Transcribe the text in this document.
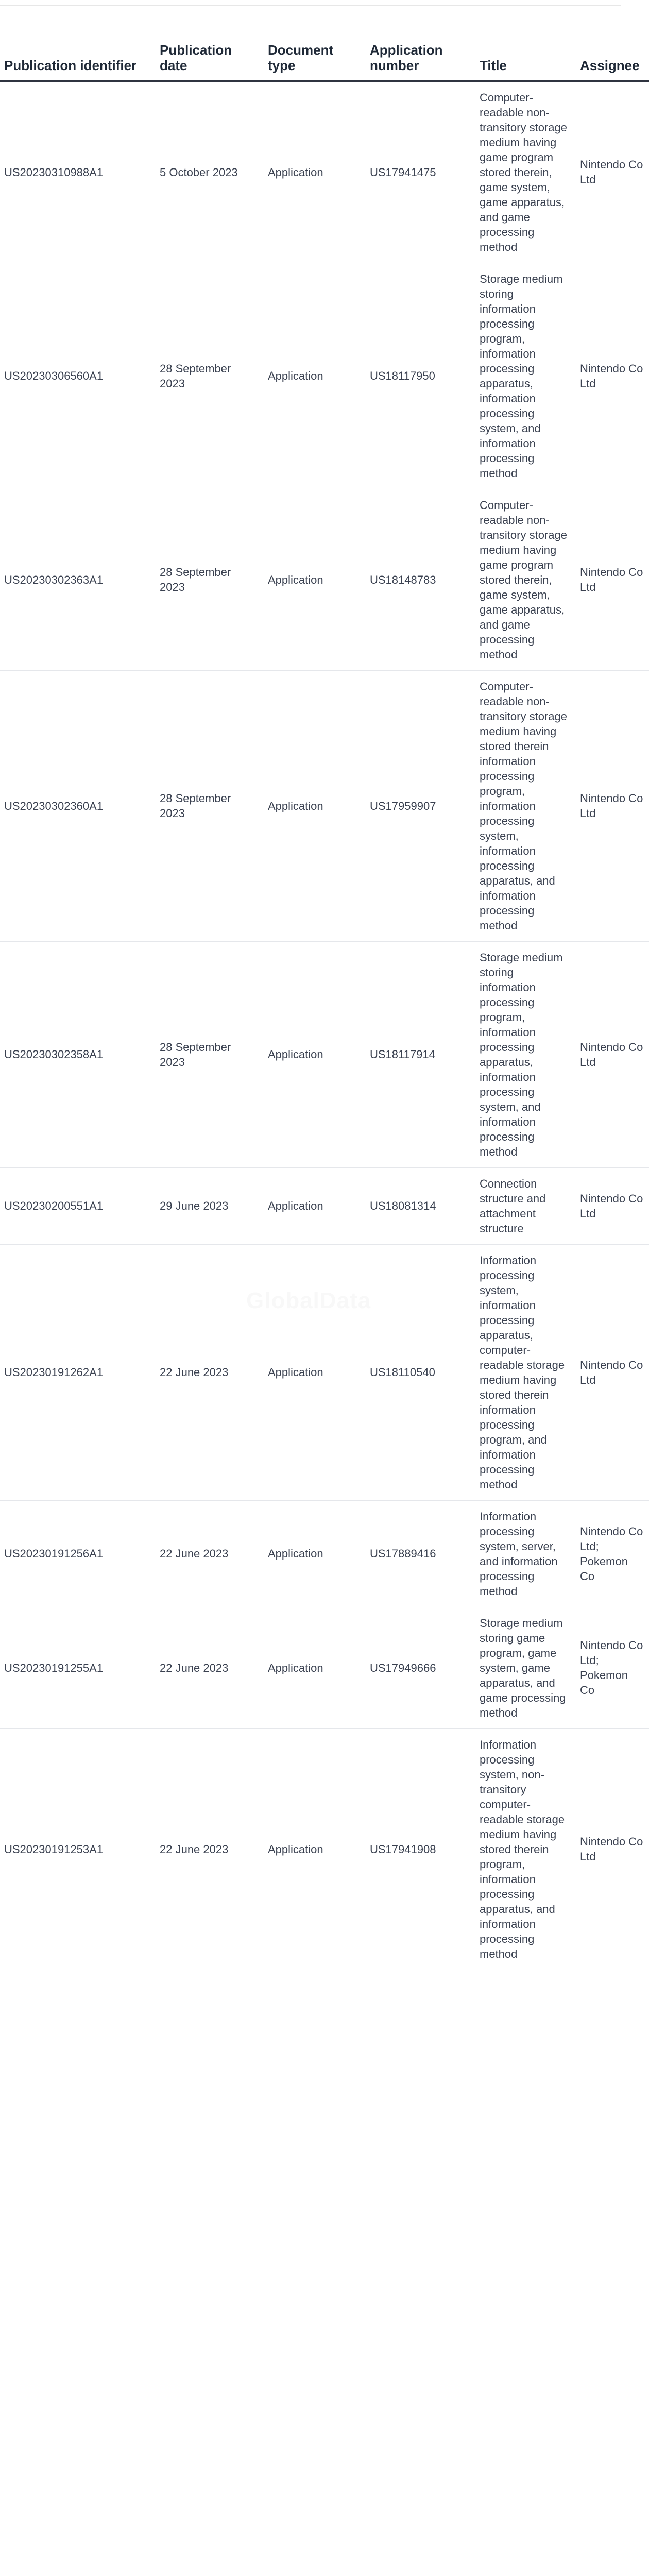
Publication identifier	Publication date	Document type	Application number	Title	Assignee
US20230310988A1	5 October 2023	Application	US17941475	Computer-readable non-transitory storage medium having game program stored therein, game system, game apparatus, and game processing method	Nintendo Co Ltd
US20230306560A1	28 September 2023	Application	US18117950	Storage medium storing information processing program, information processing apparatus, information processing system, and information processing method	Nintendo Co Ltd
US20230302363A1	28 September 2023	Application	US18148783	Computer-readable non-transitory storage medium having game program stored therein, game system, game apparatus, and game processing method	Nintendo Co Ltd
US20230302360A1	28 September 2023	Application	US17959907	Computer-readable non-transitory storage medium having stored therein information processing program, information processing system, information processing apparatus, and information processing method	Nintendo Co Ltd
US20230302358A1	28 September 2023	Application	US18117914	Storage medium storing information processing program, information processing apparatus, information processing system, and information processing method	Nintendo Co Ltd
US20230200551A1	29 June 2023	Application	US18081314	Connection structure and attachment structure	Nintendo Co Ltd
US20230191262A1	22 June 2023	Application	US18110540	Information processing system, information processing apparatus, computer-readable storage medium having stored therein information processing program, and information processing method	Nintendo Co Ltd
US20230191256A1	22 June 2023	Application	US17889416	Information processing system, server, and information processing method	Nintendo Co Ltd; Pokemon Co
US20230191255A1	22 June 2023	Application	US17949666	Storage medium storing game program, game system, game apparatus, and game processing method	Nintendo Co Ltd; Pokemon Co
US20230191253A1	22 June 2023	Application	US17941908	Information processing system, non-transitory computer-readable storage medium having stored therein program, information processing apparatus, and information processing method	Nintendo Co Ltd
GlobalData
